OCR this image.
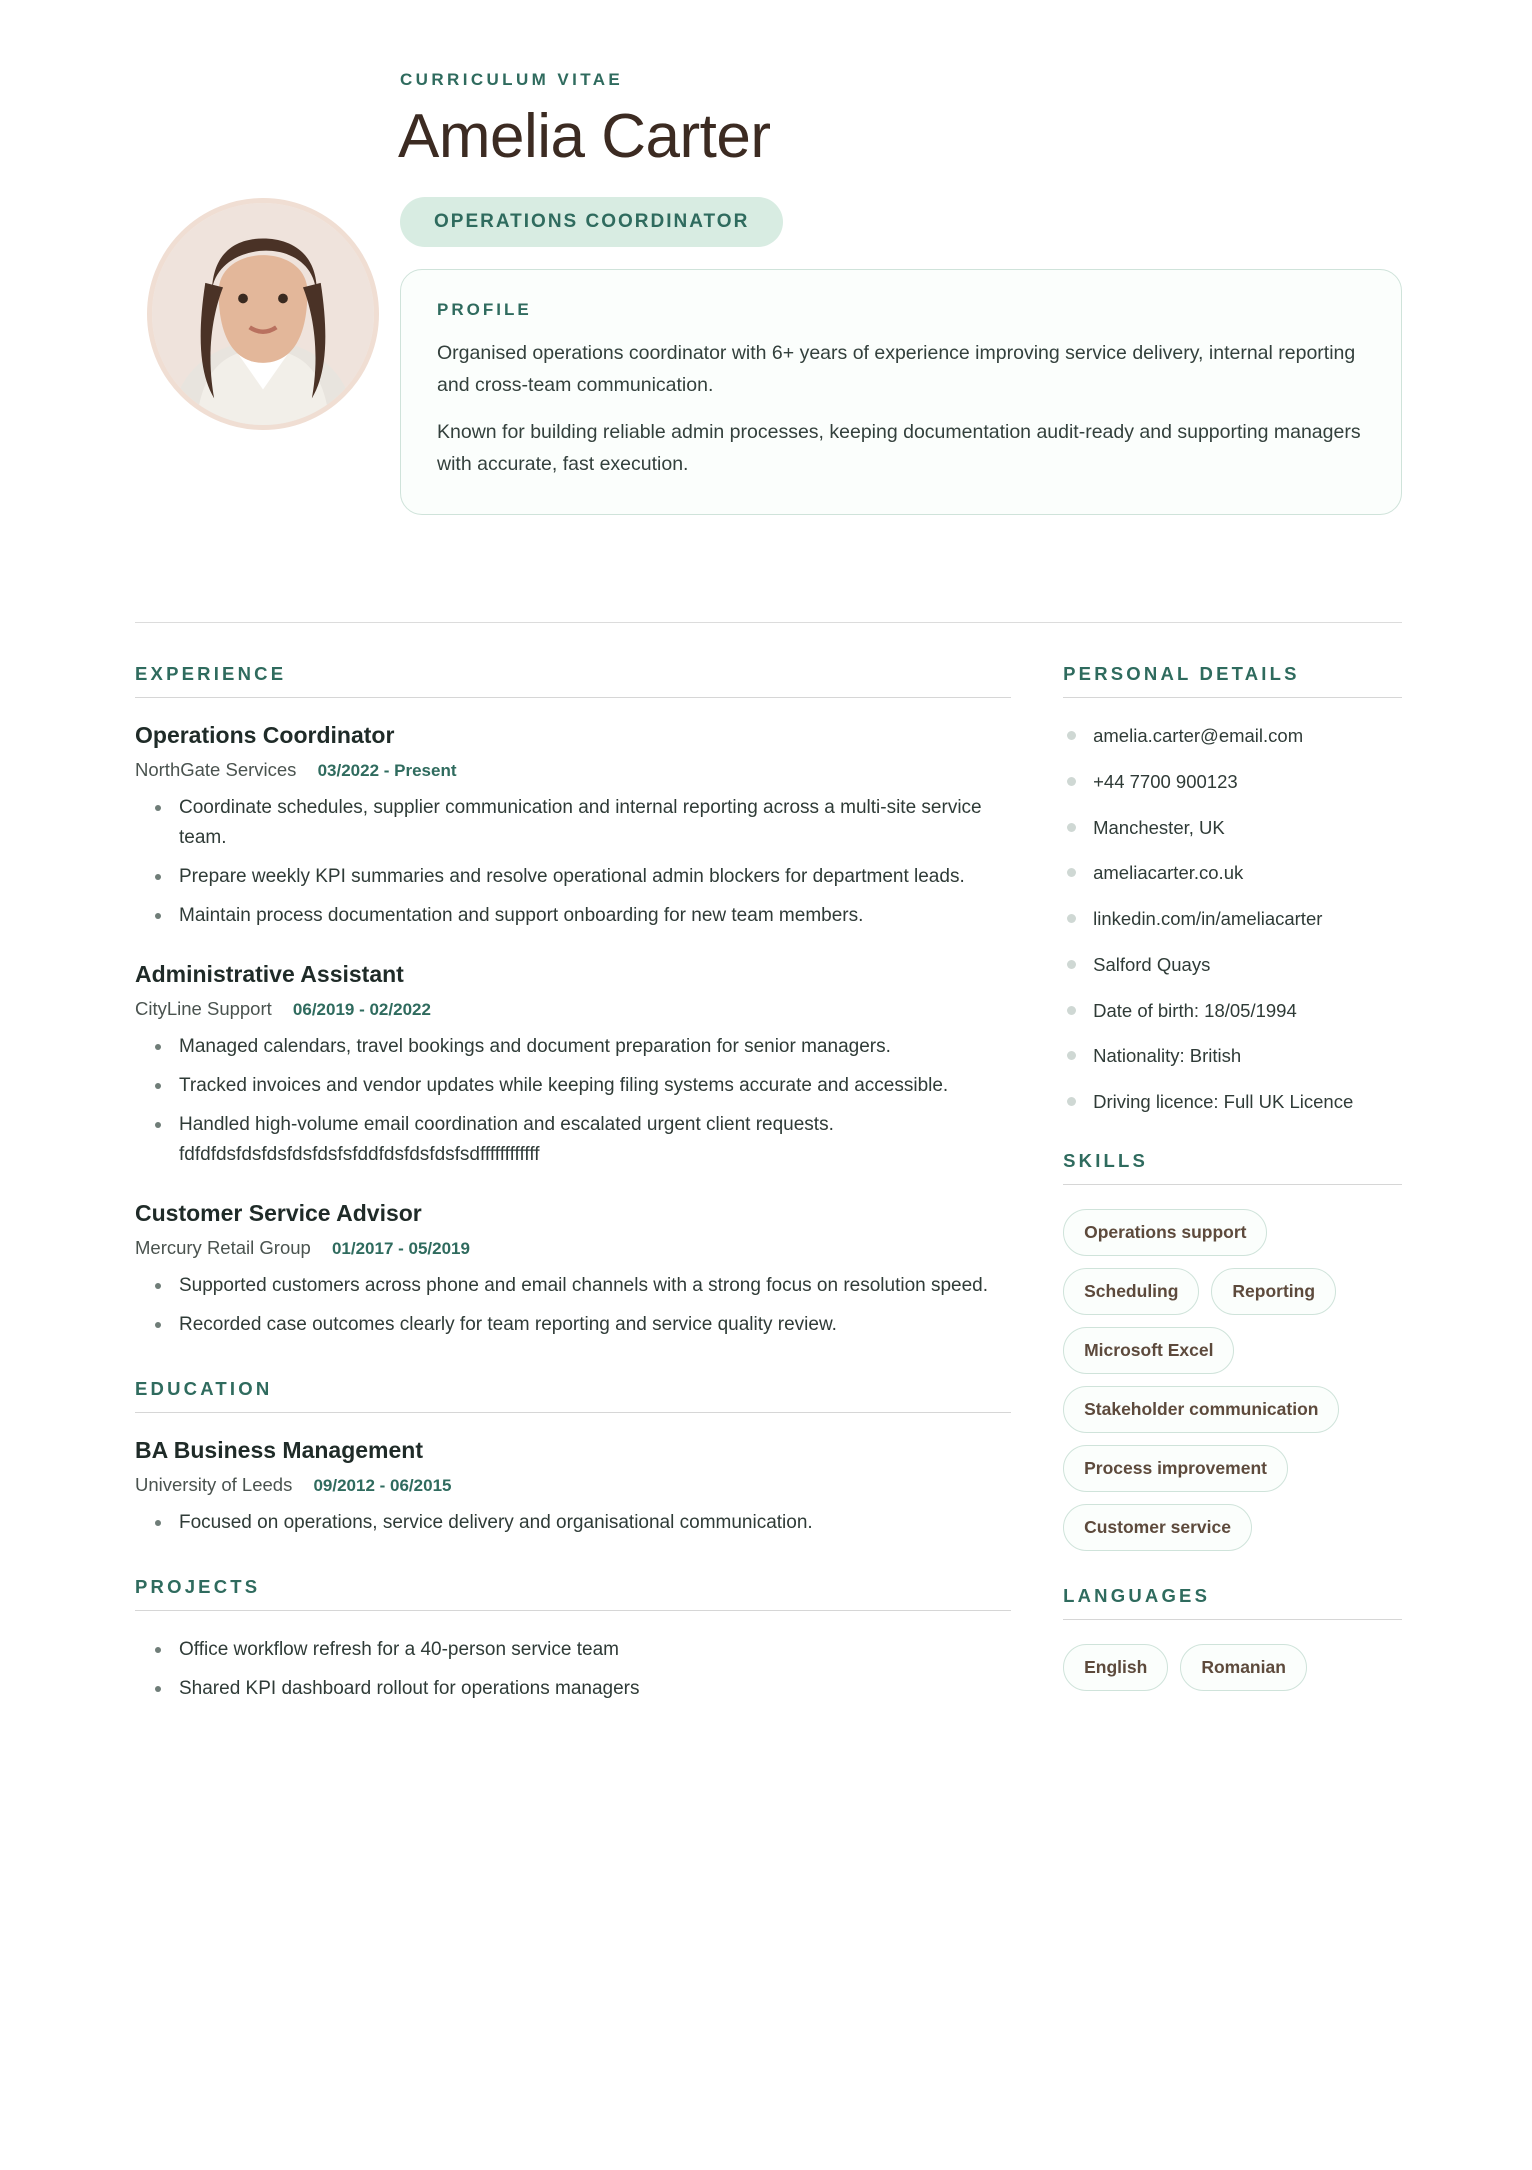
CURRICULUM VITAE
Amelia Carter
OPERATIONS COORDINATOR
PROFILE

Organised operations coordinator with 6+ years of experience improving service delivery, internal reporting and cross-team communication.

Known for building reliable admin processes, keeping documentation audit-ready and supporting managers with accurate, fast execution.

EXPERIENCE
Operations Coordinator
NorthGate Services 03/2022 - Present
Coordinate schedules, supplier communication and internal reporting across a multi-site service team.
Prepare weekly KPI summaries and resolve operational admin blockers for department leads.
Maintain process documentation and support onboarding for new team members.
Administrative Assistant
CityLine Support 06/2019 - 02/2022
Managed calendars, travel bookings and document preparation for senior managers.
Tracked invoices and vendor updates while keeping filing systems accurate and accessible.
Handled high-volume email coordination and escalated urgent client requests. fdfdfdsfdsfdsfdsfdsfsfddfdsfdsfdsfsdffffffffffff
Customer Service Advisor
Mercury Retail Group 01/2017 - 05/2019
Supported customers across phone and email channels with a strong focus on resolution speed.
Recorded case outcomes clearly for team reporting and service quality review.
EDUCATION
BA Business Management
University of Leeds 09/2012 - 06/2015
Focused on operations, service delivery and organisational communication.
PROJECTS
Office workflow refresh for a 40-person service team
Shared KPI dashboard rollout for operations managers
PERSONAL DETAILS
amelia.carter@email.com
+44 7700 900123
Manchester, UK
ameliacarter.co.uk
linkedin.com/in/ameliacarter
Salford Quays
Date of birth: 18/05/1994
Nationality: British
Driving licence: Full UK Licence
SKILLS
Operations support
Scheduling	Reporting
Microsoft Excel
Stakeholder communication
Process improvement
Customer service
LANGUAGES
English	Romanian
